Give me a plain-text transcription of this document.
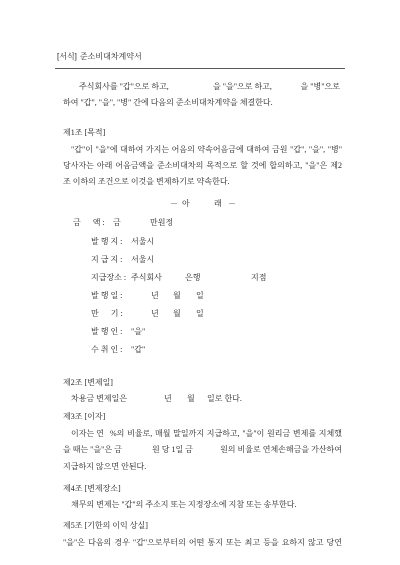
[서식] 준소비대차계약서
주식회사를 "갑"으로 하고,	을 "을"으로 하고,	을 "병"으로
하여 "갑", "을", "병" 간에 다음의 준소비대차계약을 체결한다.
제1조 [목적]
"갑"이 "을"에 대하여 가지는 어음의 약속어음금에 대하여 금원 "갑", "을", "병"
당사자는 아래 어음금액을 준소비대차의 목적으로 할 것에 합의하고, "을"은 제2
조 이하의 조건으로 이것을 변제하기로 약속한다.
－ 아	래 －
금      액 : 금	만원정
발 행 지 : 서울시
지 급 지 : 서울시
지급장소 : 주식회사	은행	지점
발 행 일 :	년 월 일
만      기 :	년 월 일
발 행 인 : "을"
수 취 인 : "갑"
제2조 [변제일]
차용금 변제일은	년 월 일로 한다.
제3조 [이자]
이자는 연 %의 비율로, 매월 말일까지 지급하고, "을"이 원리금 변제를 지체했
을 때는 "을"은 금	원 당 1일 금	원의 비율로 연체손해금을 가산하여
지급하지 않으면 안된다.
제4조 [변제장소]
채무의 변제는 "갑"의 주소지 또는 지정장소에 지참 또는 송부한다.
제5조 [기한의 이익 상실]
"을"은 다음의 경우 "갑"으로부터의 어떤 통지 또는 최고 등을 요하지 않고 당연
